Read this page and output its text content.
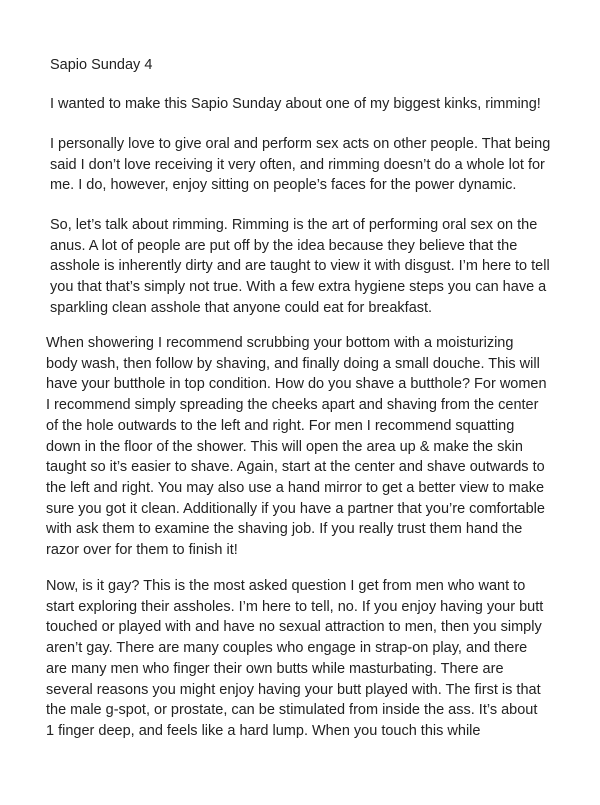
Sapio Sunday 4

I wanted to make this Sapio Sunday about one of my biggest kinks, rimming!

I personally love to give oral and perform sex acts on other people. That being
said I don’t love receiving it very often, and rimming doesn’t do a whole lot for
me. I do, however, enjoy sitting on people’s faces for the power dynamic.

So, let’s talk about rimming. Rimming is the art of performing oral sex on the
anus. A lot of people are put off by the idea because they believe that the
asshole is inherently dirty and are taught to view it with disgust. I’m here to tell
you that that’s simply not true. With a few extra hygiene steps you can have a
sparkling clean asshole that anyone could eat for breakfast.

When showering I recommend scrubbing your bottom with a moisturizing
body wash, then follow by shaving, and finally doing a small douche. This will
have your butthole in top condition. How do you shave a butthole? For women
I recommend simply spreading the cheeks apart and shaving from the center
of the hole outwards to the left and right. For men I recommend squatting
down in the floor of the shower. This will open the area up & make the skin
taught so it’s easier to shave. Again, start at the center and shave outwards to
the left and right. You may also use a hand mirror to get a better view to make
sure you got it clean. Additionally if you have a partner that you’re comfortable
with ask them to examine the shaving job. If you really trust them hand the
razor over for them to finish it!

Now, is it gay? This is the most asked question I get from men who want to
start exploring their assholes. I’m here to tell, no. If you enjoy having your butt
touched or played with and have no sexual attraction to men, then you simply
aren’t gay. There are many couples who engage in strap-on play, and there
are many men who finger their own butts while masturbating. There are
several reasons you might enjoy having your butt played with. The first is that
the male g-spot, or prostate, can be stimulated from inside the ass. It’s about
1 finger deep, and feels like a hard lump. When you touch this while
